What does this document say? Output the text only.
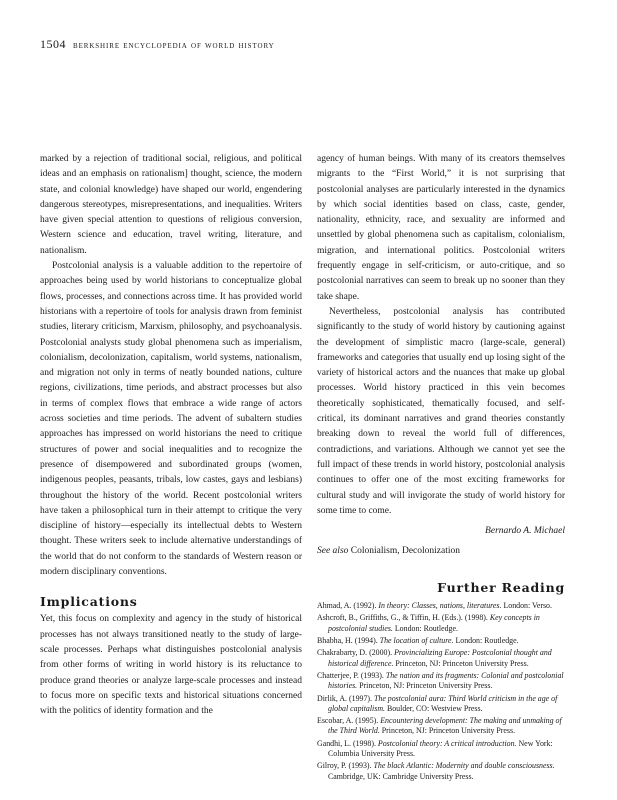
1504 berkshire encyclopedia of world history

marked by a rejection of traditional social, religious, and political ideas and an emphasis on rationalism] thought, science, the modern state, and colonial knowledge) have shaped our world, engendering dangerous stereotypes, misrepresentations, and inequalities. Writers have given special attention to questions of religious conversion, Western science and education, travel writing, literature, and nationalism.

Postcolonial analysis is a valuable addition to the repertoire of approaches being used by world historians to conceptualize global flows, processes, and connections across time. It has provided world historians with a repertoire of tools for analysis drawn from feminist studies, literary criticism, Marxism, philosophy, and psychoanalysis. Postcolonial analysts study global phenomena such as imperialism, colonialism, decolonization, capitalism, world systems, nationalism, and migration not only in terms of neatly bounded nations, culture regions, civilizations, time periods, and abstract processes but also in terms of complex flows that embrace a wide range of actors across societies and time periods. The advent of subaltern studies approaches has impressed on world historians the need to critique structures of power and social inequalities and to recognize the presence of disempowered and subordinated groups (women, indigenous peoples, peasants, tribals, low castes, gays and lesbians) throughout the history of the world. Recent postcolonial writers have taken a philosophical turn in their attempt to critique the very discipline of history—especially its intellectual debts to Western thought. These writers seek to include alternative understandings of the world that do not conform to the standards of Western reason or modern disciplinary conventions.

Implications

Yet, this focus on complexity and agency in the study of historical processes has not always transitioned neatly to the study of large-scale processes. Perhaps what distinguishes postcolonial analysis from other forms of writing in world history is its reluctance to produce grand theories or analyze large-scale processes and instead to focus more on specific texts and historical situations concerned with the politics of identity formation and the

agency of human beings. With many of its creators themselves migrants to the “First World,” it is not surprising that postcolonial analyses are particularly interested in the dynamics by which social identities based on class, caste, gender, nationality, ethnicity, race, and sexuality are informed and unsettled by global phenomena such as capitalism, colonialism, migration, and international politics. Postcolonial writers frequently engage in self-criticism, or auto-critique, and so postcolonial narratives can seem to break up no sooner than they take shape.

Nevertheless, postcolonial analysis has contributed significantly to the study of world history by cautioning against the development of simplistic macro (large-scale, general) frameworks and categories that usually end up losing sight of the variety of historical actors and the nuances that make up global processes. World history practiced in this vein becomes theoretically sophisticated, thematically focused, and self-critical, its dominant narratives and grand theories constantly breaking down to reveal the world full of differences, contradictions, and variations. Although we cannot yet see the full impact of these trends in world history, postcolonial analysis continues to offer one of the most exciting frameworks for cultural study and will invigorate the study of world history for some time to come.

Bernardo A. Michael

See also Colonialism, Decolonization

Further Reading

Ahmad, A. (1992). In theory: Classes, nations, literatures. London: Verso.

Ashcroft, B., Griffiths, G., & Tiffin, H. (Eds.). (1998). Key concepts in postcolonial studies. London: Routledge.

Bhabha, H. (1994). The location of culture. London: Routledge.

Chakrabarty, D. (2000). Provincializing Europe: Postcolonial thought and historical difference. Princeton, NJ: Princeton University Press.

Chatterjee, P. (1993). The nation and its fragments: Colonial and postcolonial histories. Princeton, NJ: Princeton University Press.

Dirlik, A. (1997). The postcolonial aura: Third World criticism in the age of global capitalism. Boulder, CO: Westview Press.

Escobar, A. (1995). Encountering development: The making and unmaking of the Third World. Princeton, NJ: Princeton University Press.

Gandhi, L. (1998). Postcolonial theory: A critical introduction. New York: Columbia University Press.

Gilroy, P. (1993). The black Atlantic: Modernity and double consciousness. Cambridge, UK: Cambridge University Press.
